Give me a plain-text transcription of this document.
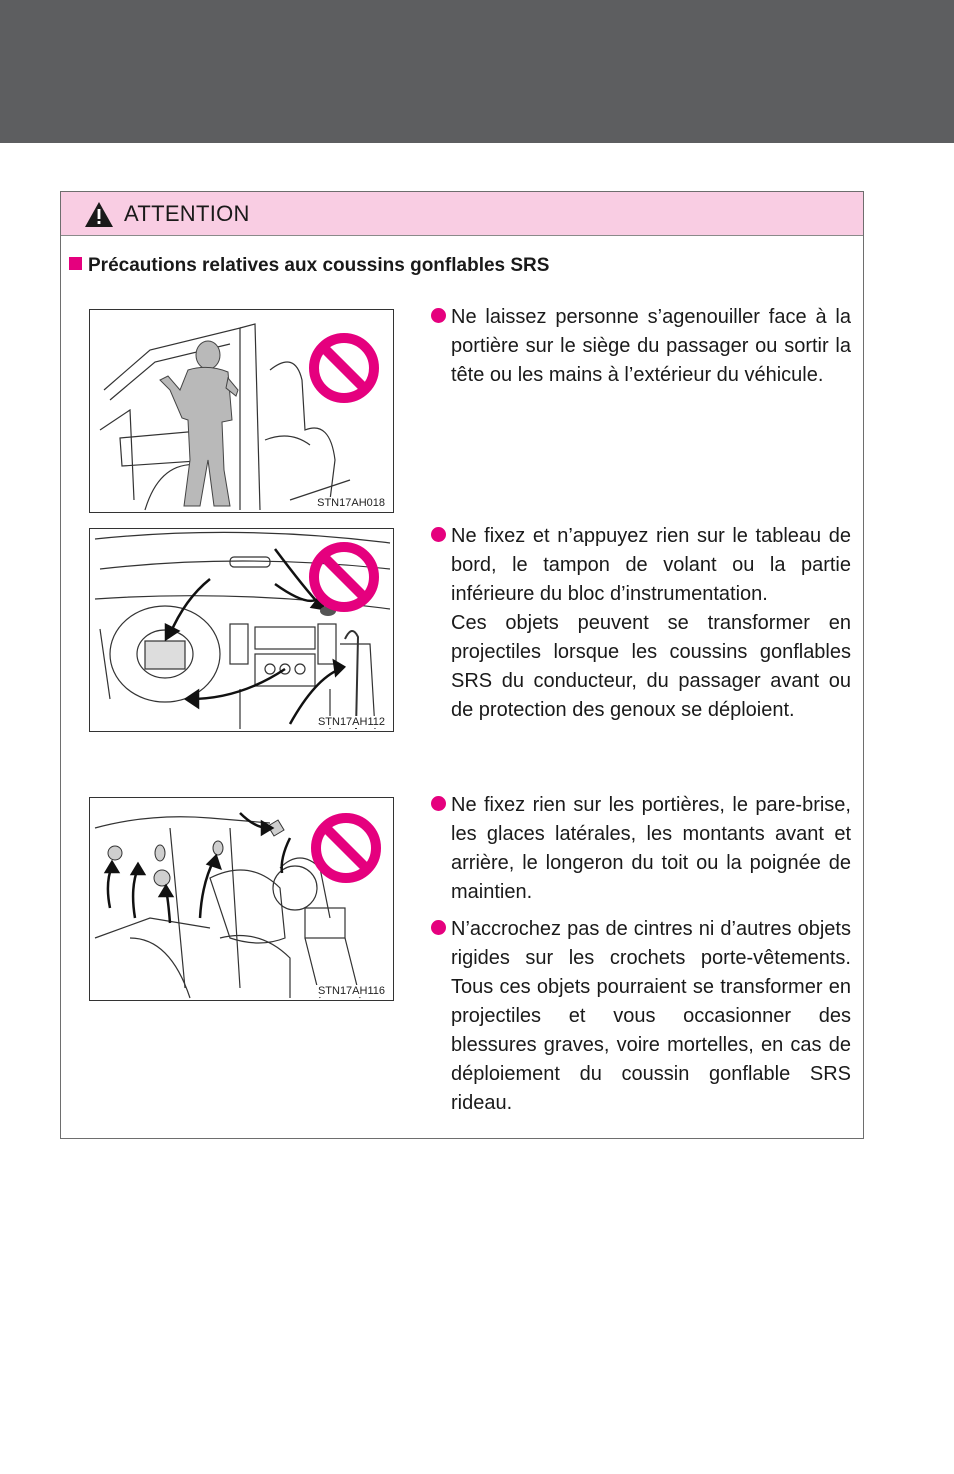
ATTENTION
Précautions relatives aux coussins gonflables SRS
STN17AH018
STN17AH112
STN17AH116

Ne laissez personne s’agenouiller face à la portière sur le siège du passager ou sortir la tête ou les mains à l’extérieur du véhicule.

Ne fixez et n’appuyez rien sur le tableau de bord, le tampon de volant ou la partie inférieure du bloc d’instrumentation.

Ces objets peuvent se transformer en projectiles lorsque les coussins gonflables SRS du conducteur, du passager avant ou de protection des genoux se déploient.

Ne fixez rien sur les portières, le pare-brise, les glaces latérales, les montants avant et arrière, le longeron du toit ou la poignée de maintien.

N’accrochez pas de cintres ni d’autres objets rigides sur les crochets porte-vêtements. Tous ces objets pourraient se transformer en projectiles et vous occasionner des blessures graves, voire mortelles, en cas de déploiement du coussin gonflable SRS rideau.
